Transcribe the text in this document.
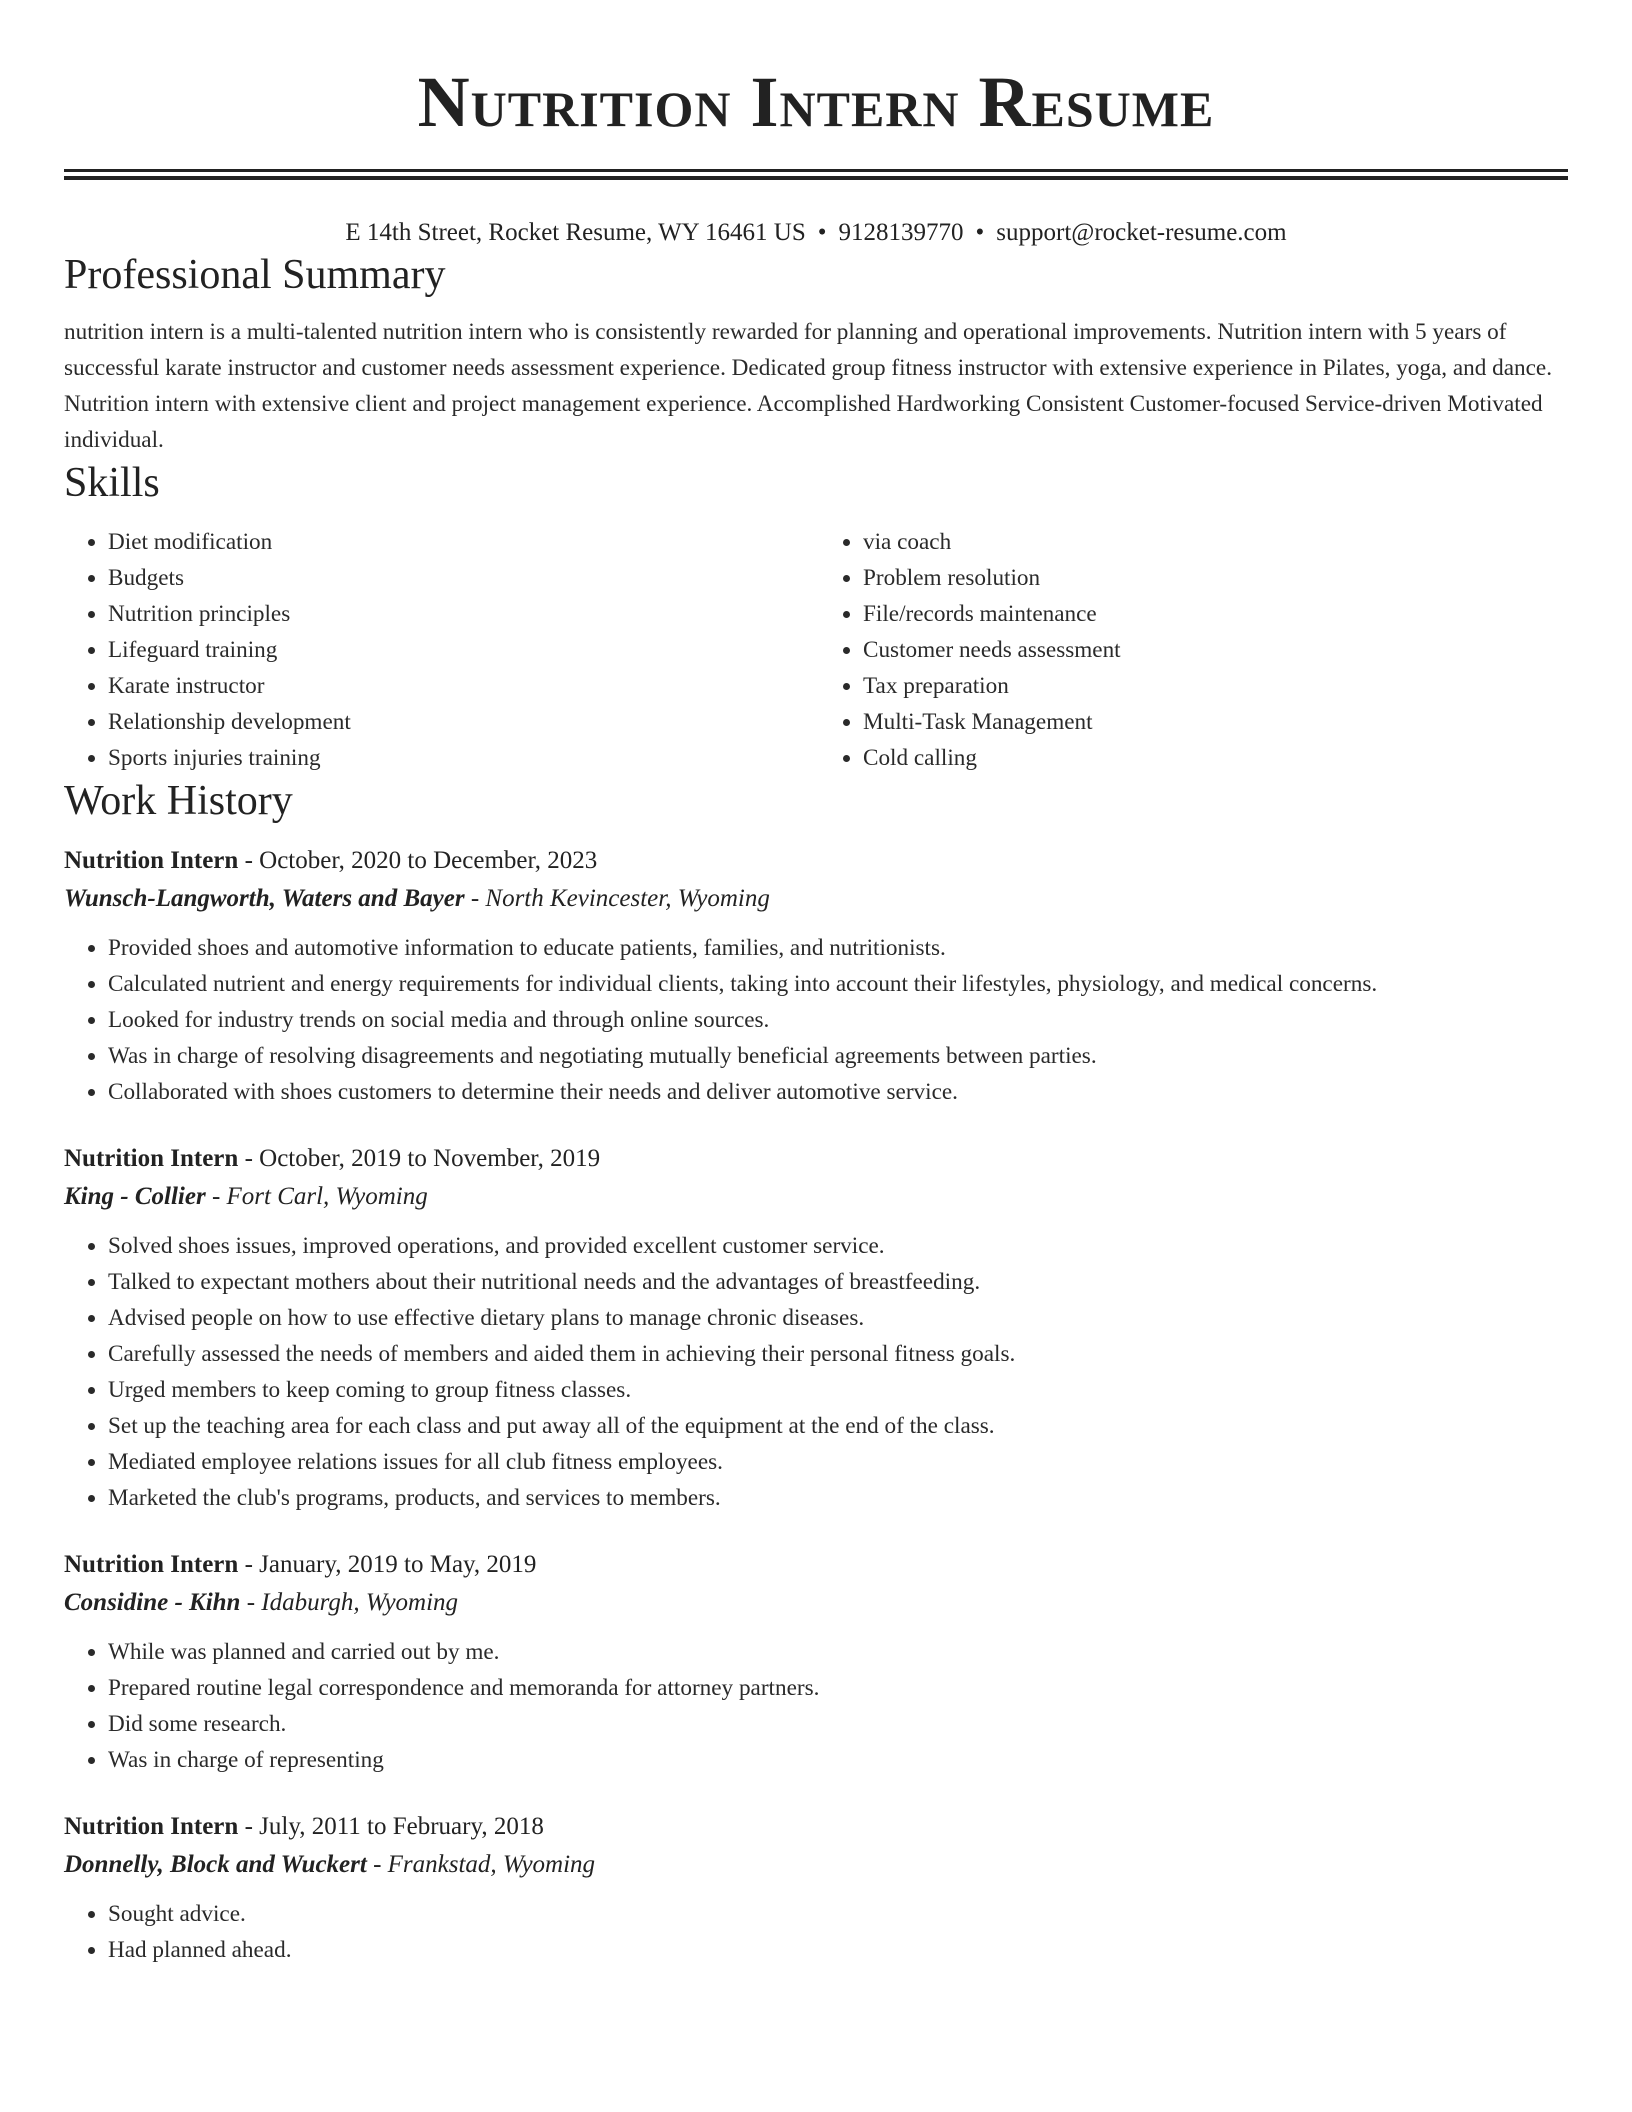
Nutrition Intern Resume
E 14th Street, Rocket Resume, WY 16461 US • 9128139770 • support@rocket-resume.com
Professional Summary

nutrition intern is a multi-talented nutrition intern who is consistently rewarded for planning and operational improvements. Nutrition intern with 5 years of successful karate instructor and customer needs assessment experience. Dedicated group fitness instructor with extensive experience in Pilates, yoga, and dance. Nutrition intern with extensive client and project management experience. Accomplished Hardworking Consistent Customer-focused Service-driven Motivated individual.

Skills
• Diet modification
• Budgets
• Nutrition principles
• Lifeguard training
• Karate instructor
• Relationship development
• Sports injuries training
• via coach
• Problem resolution
• File/records maintenance
• Customer needs assessment
• Tax preparation
• Multi-Task Management
• Cold calling
Work History
Nutrition Intern - October, 2020 to December, 2023
Wunsch-Langworth, Waters and Bayer - North Kevincester, Wyoming
• Provided shoes and automotive information to educate patients, families, and nutritionists.
• Calculated nutrient and energy requirements for individual clients, taking into account their lifestyles, physiology, and medical concerns.
• Looked for industry trends on social media and through online sources.
• Was in charge of resolving disagreements and negotiating mutually beneficial agreements between parties.
• Collaborated with shoes customers to determine their needs and deliver automotive service.
Nutrition Intern - October, 2019 to November, 2019
King - Collier - Fort Carl, Wyoming
• Solved shoes issues, improved operations, and provided excellent customer service.
• Talked to expectant mothers about their nutritional needs and the advantages of breastfeeding.
• Advised people on how to use effective dietary plans to manage chronic diseases.
• Carefully assessed the needs of members and aided them in achieving their personal fitness goals.
• Urged members to keep coming to group fitness classes.
• Set up the teaching area for each class and put away all of the equipment at the end of the class.
• Mediated employee relations issues for all club fitness employees.
• Marketed the club's programs, products, and services to members.
Nutrition Intern - January, 2019 to May, 2019
Considine - Kihn - Idaburgh, Wyoming
• While was planned and carried out by me.
• Prepared routine legal correspondence and memoranda for attorney partners.
• Did some research.
• Was in charge of representing
Nutrition Intern - July, 2011 to February, 2018
Donnelly, Block and Wuckert - Frankstad, Wyoming
• Sought advice.
• Had planned ahead.
